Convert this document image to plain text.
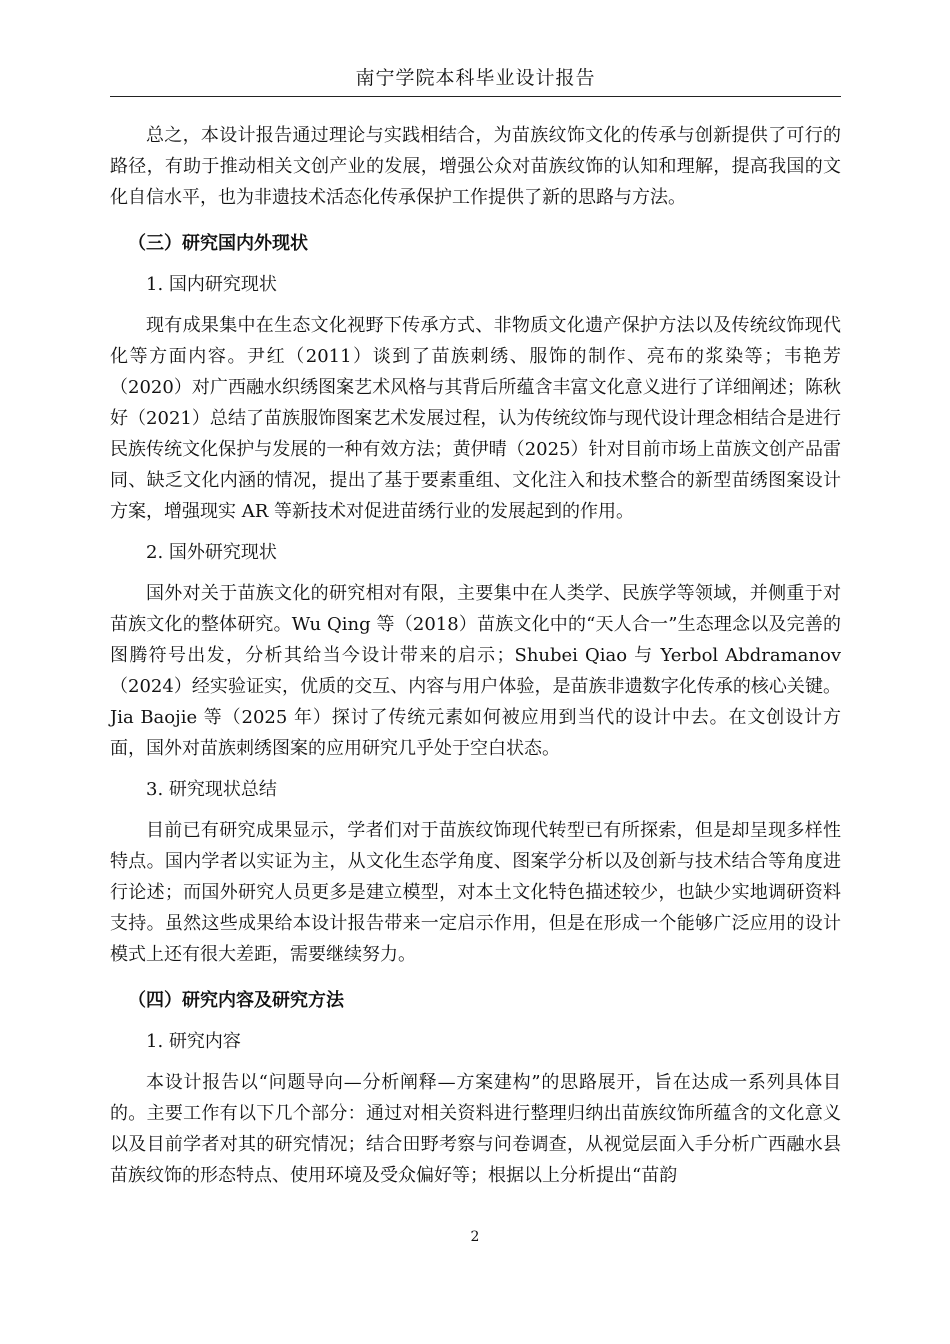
南宁学院本科毕业设计报告

总之，本设计报告通过理论与实践相结合，为苗族纹饰文化的传承与创新提供了可行的路径，有助于推动相关文创产业的发展，增强公众对苗族纹饰的认知和理解，提高我国的文化自信水平，也为非遗技术活态化传承保护工作提供了新的思路与方法。

（三）研究国内外现状

1. 国内研究现状

现有成果集中在生态文化视野下传承方式、非物质文化遗产保护方法以及传统纹饰现代化等方面内容。尹红（2011）谈到了苗族刺绣、服饰的制作、亮布的浆染等；韦艳芳（2020）对广西融水织绣图案艺术风格与其背后所蕴含丰富文化意义进行了详细阐述；陈秋好（2021）总结了苗族服饰图案艺术发展过程，认为传统纹饰与现代设计理念相结合是进行民族传统文化保护与发展的一种有效方法；黄伊晴（2025）针对目前市场上苗族文创产品雷同、缺乏文化内涵的情况，提出了基于要素重组、文化注入和技术整合的新型苗绣图案设计方案，增强现实 AR 等新技术对促进苗绣行业的发展起到的作用。

2. 国外研究现状

国外对关于苗族文化的研究相对有限，主要集中在人类学、民族学等领域，并侧重于对苗族文化的整体研究。Wu Qing 等（2018）苗族文化中的“天人合一”生态理念以及完善的图腾符号出发，分析其给当今设计带来的启示；Shubei Qiao 与 Yerbol Abdramanov（2024）经实验证实，优质的交互、内容与用户体验，是苗族非遗数字化传承的核心关键。Jia Baojie 等（2025 年）探讨了传统元素如何被应用到当代的设计中去。在文创设计方面，国外对苗族刺绣图案的应用研究几乎处于空白状态。

3. 研究现状总结

目前已有研究成果显示，学者们对于苗族纹饰现代转型已有所探索，但是却呈现多样性特点。国内学者以实证为主，从文化生态学角度、图案学分析以及创新与技术结合等角度进行论述；而国外研究人员更多是建立模型，对本土文化特色描述较少，也缺少实地调研资料支持。虽然这些成果给本设计报告带来一定启示作用，但是在形成一个能够广泛应用的设计模式上还有很大差距，需要继续努力。

（四）研究内容及研究方法

1. 研究内容

本设计报告以“问题导向—分析阐释—方案建构”的思路展开，旨在达成一系列具体目的。主要工作有以下几个部分：通过对相关资料进行整理归纳出苗族纹饰所蕴含的文化意义以及目前学者对其的研究情况；结合田野考察与问卷调查，从视觉层面入手分析广西融水县苗族纹饰的形态特点、使用环境及受众偏好等；根据以上分析提出“苗韵

2
